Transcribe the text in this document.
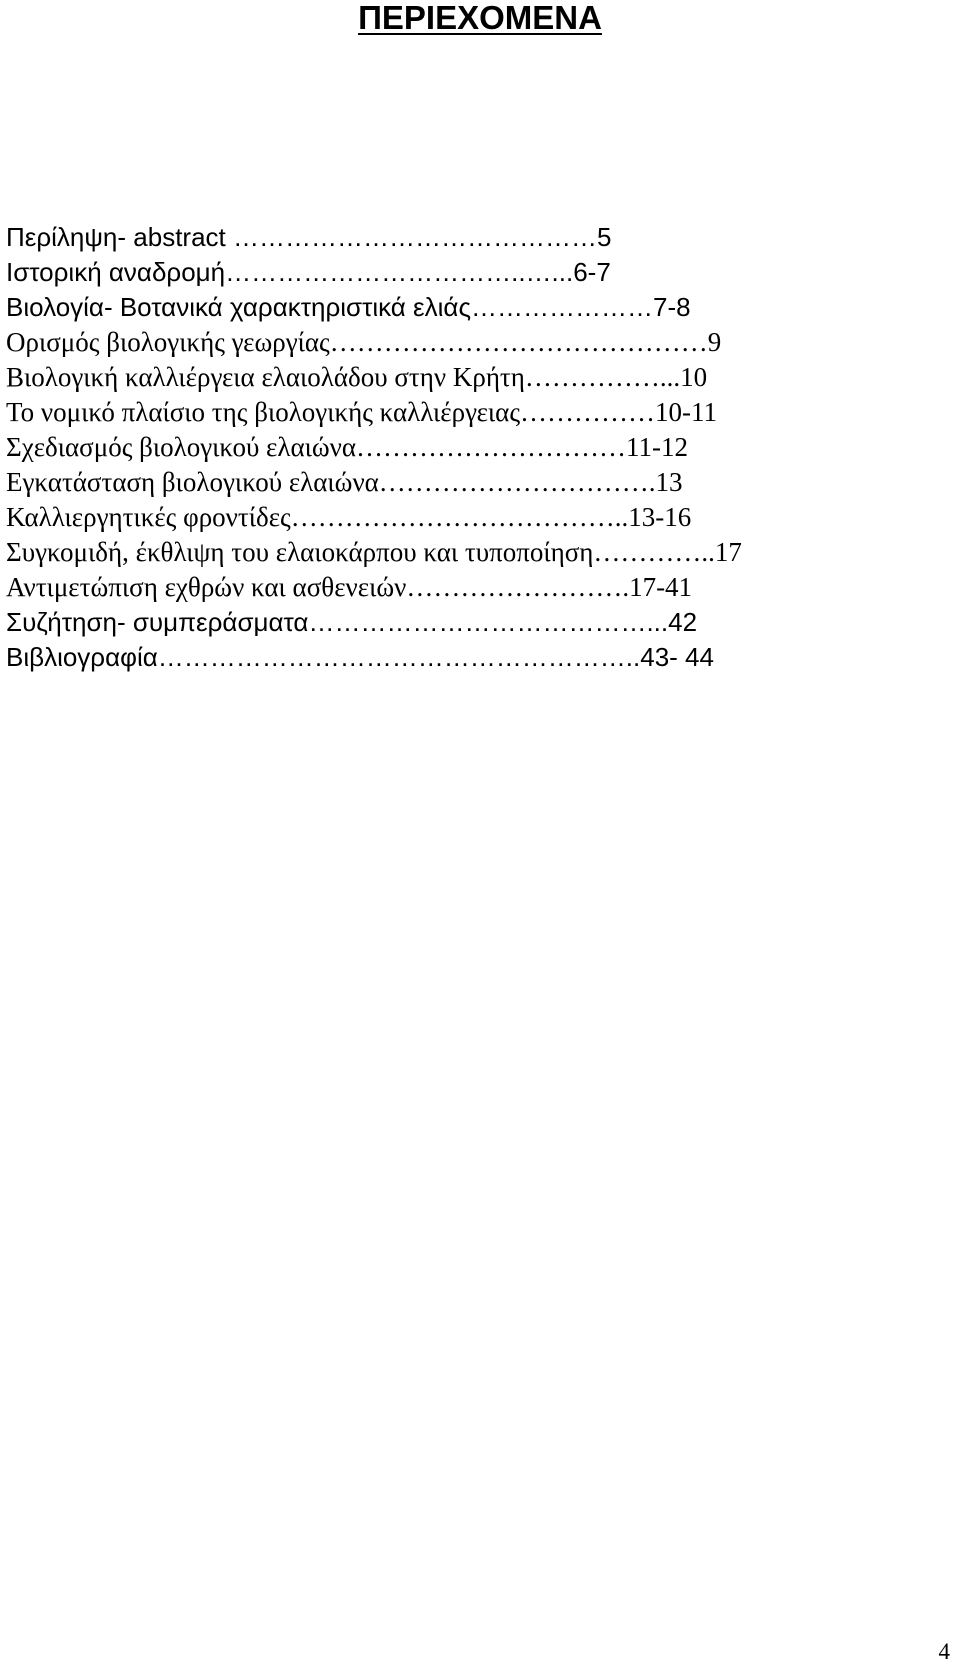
ΠΕΡΙΕΧΟΜΕΝΑ
Περίληψη- abstract ……………………………………5
Ιστορική αναδρομή……………………………..…...6-7
Βιολογία- Βοτανικά χαρακτηριστικά ελιάς…………………7-8
Ορισμός βιολογικής γεωργίας……………………………………9
Βιολογική καλλιέργεια ελαιολάδου στην Κρήτη……………...10
Το νομικό πλαίσιο της βιολογικής καλλιέργειας……………10-11
Σχεδιασμός βιολογικού ελαιώνα…………………………11-12
Εγκατάσταση βιολογικού ελαιώνα………………………….13
Καλλιεργητικές φροντίδες………………………………..13-16
Συγκομιδή, έκθλιψη του ελαιοκάρπου και τυποποίηση…………..17
Αντιμετώπιση εχθρών και ασθενειών…………………….17-41
Συζήτηση- συμπεράσματα…………………………………...42
Βιβλιογραφία………………………………………………..43- 44
4
